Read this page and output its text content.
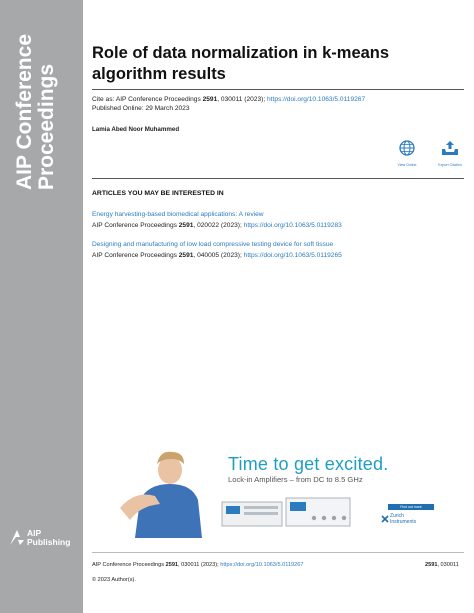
AIP Conference Proceedings
AIP
Publishing
Role of data normalization in k-means algorithm results
Cite as: AIP Conference Proceedings 2591, 030011 (2023); https://doi.org/10.1063/5.0119267
Published Online: 29 March 2023
Lamia Abed Noor Muhammed
View Online	Export Citation
ARTICLES YOU MAY BE INTERESTED IN
Energy harvesting-based biomedical applications: A review
AIP Conference Proceedings 2591, 020022 (2023); https://doi.org/10.1063/5.0119283
Designing and manufacturing of low load compressive testing device for soft tissue
AIP Conference Proceedings 2591, 040005 (2023); https://doi.org/10.1063/5.0119265
Time to get excited.
Lock-in Amplifiers – from DC to 8.5 GHz
Find out more
Zurich
Instruments
AIP Conference Proceedings 2591, 030011 (2023); https://doi.org/10.1063/5.0119267	2591, 030011
© 2023 Author(s).
